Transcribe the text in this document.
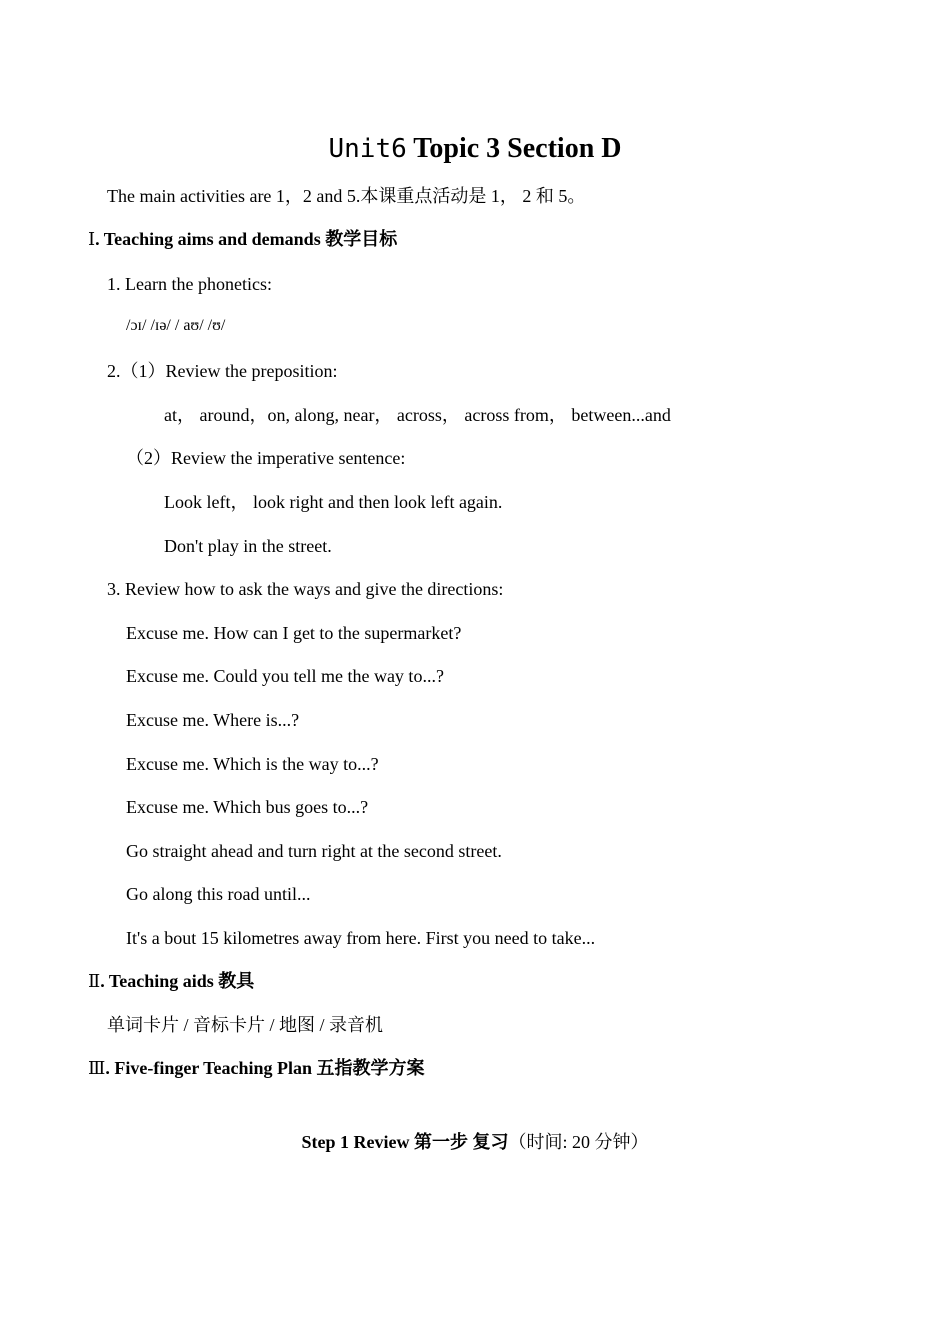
Unit6 Topic 3 Section D
The main activities are 1，2 and 5.本课重点活动是 1， 2 和 5。
Ⅰ. Teaching aims and demands 教学目标
1. Learn the phonetics:
/ɔɪ/ /ɪə/ / aʊ/ /ʊ/
2.（1）Review the preposition:
at， around，on, along, near， across， across from， between...and
（2）Review the imperative sentence:
Look left， look right and then look left again.
Don't play in the street.
3. Review how to ask the ways and give the directions:
Excuse me. How can I get to the supermarket?
Excuse me. Could you tell me the way to...?
Excuse me. Where is...?
Excuse me. Which is the way to...?
Excuse me. Which bus goes to...?
Go straight ahead and turn right at the second street.
Go along this road until...
It's a bout 15 kilometres away from here. First you need to take...
Ⅱ. Teaching aids 教具
单词卡片 / 音标卡片 / 地图 / 录音机
Ⅲ. Five-finger Teaching Plan 五指教学方案
Step 1 Review 第一步 复习（时间: 20 分钟）
